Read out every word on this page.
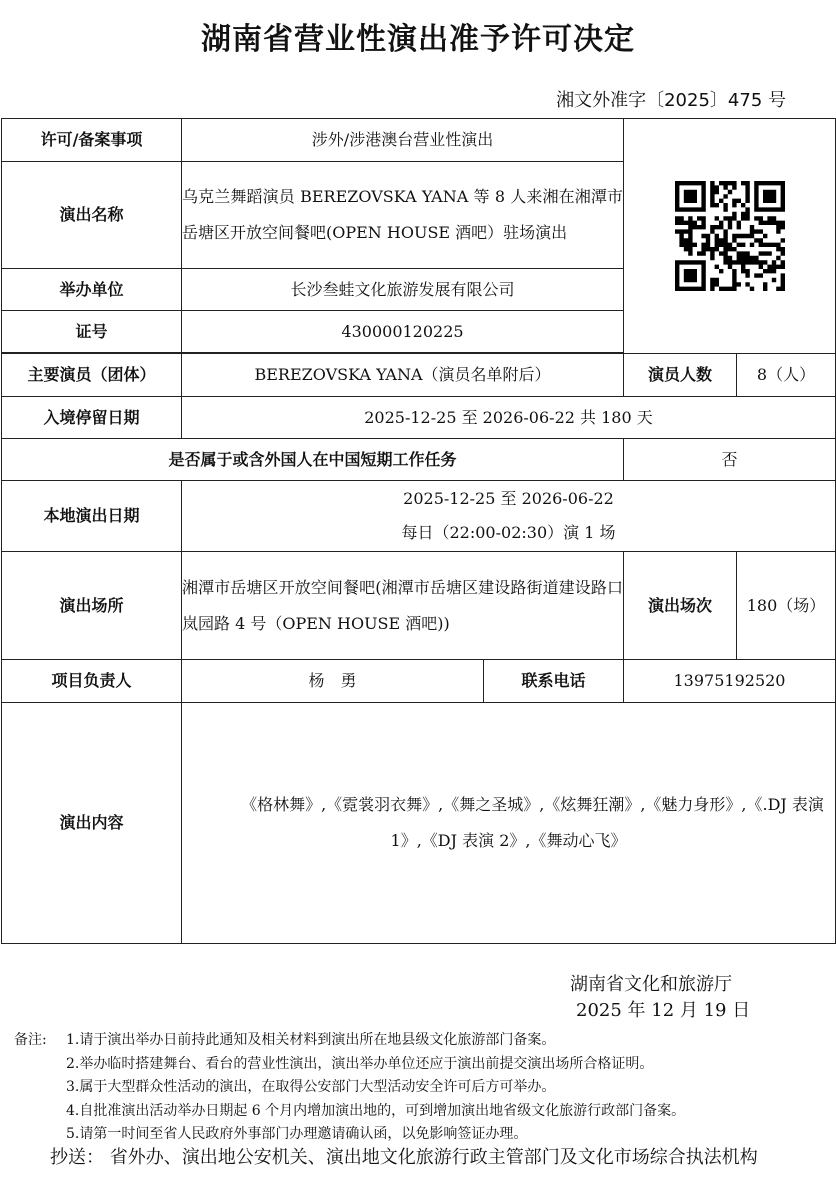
湖南省营业性演出准予许可决定
湘文外准字〔2025〕475 号
许可/备案事项	涉外/涉港澳台营业性演出	

演出名称	乌克兰舞蹈演员 BEREZOVSKA YANA 等 8 人来湘在湘潭市岳塘区开放空间餐吧(OPEN HOUSE 酒吧）驻场演出			
举办单位	长沙叁蛙文化旅游发展有限公司			
证号	430000120225			

主要演员（团体）	BEREZOVSKA YANA（演员名单附后）		演员人数	8（人）
入境停留日期	2025-12-25 至 2026-06-22 共 180 天			
是否属于或含外国人在中国短期工作任务			否	
本地演出日期	2025-12-25 至 2026-06-22
每日（22:00-02:30）演 1 场			

演出场所	湘潭市岳塘区开放空间餐吧(湘潭市岳塘区建设路街道建设路口岚园路 4 号（OPEN HOUSE 酒吧))		演出场次	180（场）
项目负责人	杨　勇	联系电话	13975192520	
演出内容	《格林舞》,《霓裳羽衣舞》,《舞之圣城》,《炫舞狂潮》,《魅力身形》,《.DJ 表演 1》,《DJ 表演 2》,《舞动心飞》			
湖南省文化和旅游厅
2025 年 12 月 19 日
备注: 1.请于演出举办日前持此通知及相关材料到演出所在地县级文化旅游部门备案。
2.举办临时搭建舞台、看台的营业性演出，演出举办单位还应于演出前提交演出场所合格证明。
3.属于大型群众性活动的演出，在取得公安部门大型活动安全许可后方可举办。
4.自批准演出活动举办日期起 6 个月内增加演出地的，可到增加演出地省级文化旅游行政部门备案。
5.请第一时间至省人民政府外事部门办理邀请确认函，以免影响签证办理。
抄送： 省外办、演出地公安机关、演出地文化旅游行政主管部门及文化市场综合执法机构
